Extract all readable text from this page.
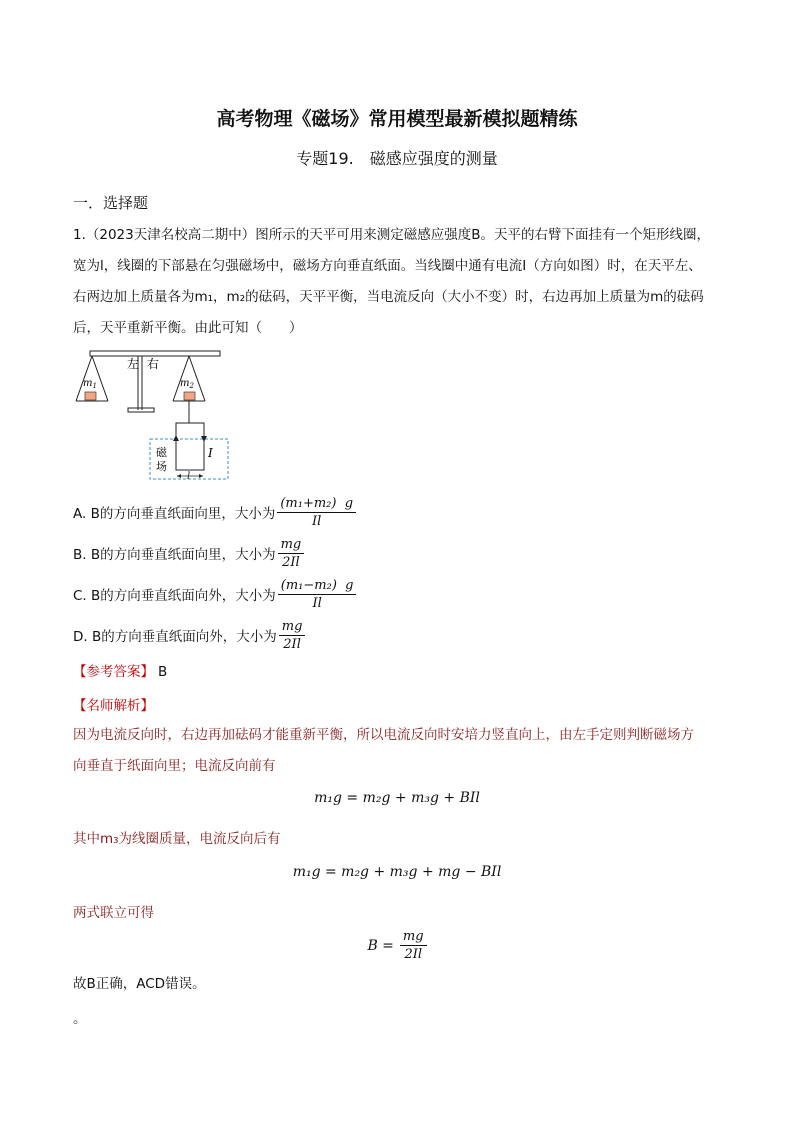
高考物理《磁场》常用模型最新模拟题精练
专题19.　磁感应强度的测量
一．选择题
1.（2023天津名校高二期中）图所示的天平可用来测定磁感应强度B。天平的右臂下面挂有一个矩形线圈，
宽为l，线圈的下部悬在匀强磁场中，磁场方向垂直纸面。当线圈中通有电流I（方向如图）时，在天平左、
右两边加上质量各为m₁，m₂的砝码，天平平衡，当电流反向（大小不变）时，右边再加上质量为m的砝码
后，天平重新平衡。由此可知（　　）
左 右
$m_1$	$m_2$
I
磁
场
l
A. B的方向垂直纸面向里，大小为 $\frac{\text{(m₁+m₂)  g}}{Il}$
B. B的方向垂直纸面向里，大小为 $\frac{mg}{2Il}$
C. B的方向垂直纸面向外，大小为 $\frac{\text{(m₁−m₂)  g}}{Il}$
D. B的方向垂直纸面向外，大小为 $\frac{mg}{2Il}$
【参考答案】 B
【名师解析】
因为电流反向时，右边再加砝码才能重新平衡，所以电流反向时安培力竖直向上，由左手定则判断磁场方
向垂直于纸面向里；电流反向前有
m₁g = m₂g + m₃g + BIl
其中m₃为线圈质量，电流反向后有
m₁g = m₂g + m₃g + mg − BIl
两式联立可得
$B = \frac{mg}{2Il}$
故B正确，ACD错误。
。
